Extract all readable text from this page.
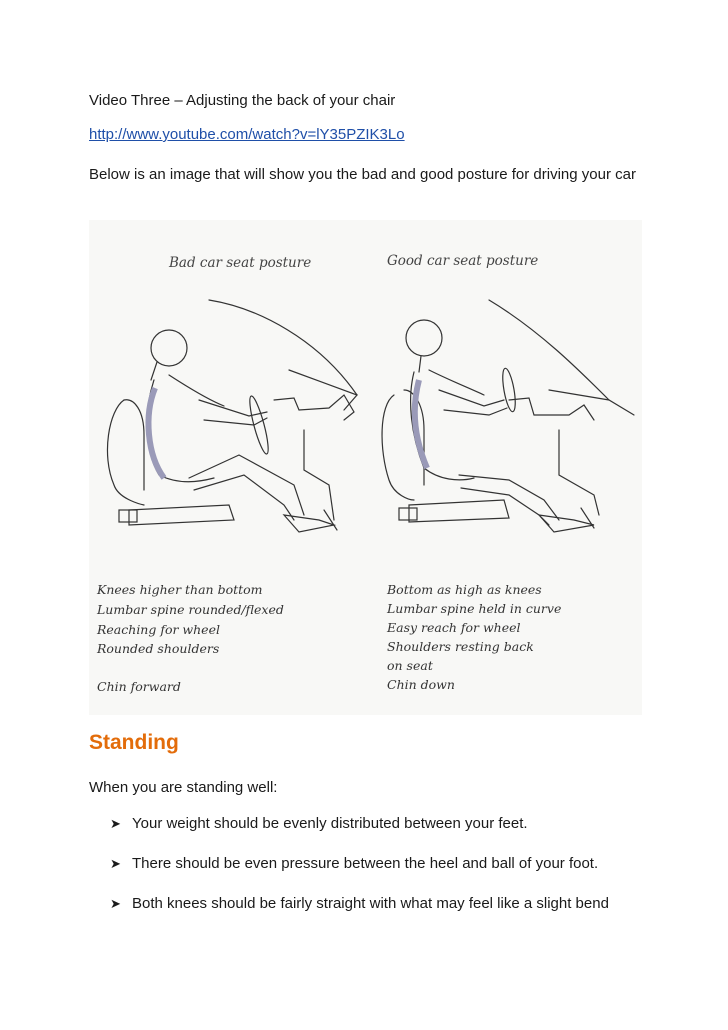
Video Three – Adjusting the back of your chair
http://www.youtube.com/watch?v=lY35PZIK3Lo
Below is an image that will show you the bad and good posture for driving your car
Bad car seat posture	Good car seat posture
Knees higher than bottom
Lumbar spine rounded/flexed
Reaching for wheel
Rounded shoulders
Chin forward
Bottom as high as knees
Lumbar spine held in curve
Easy reach for wheel
Shoulders resting back
on seat
Chin down
Standing
When you are standing well:
➤ Your weight should be evenly distributed between your feet.
➤ There should be even pressure between the heel and ball of your foot.
➤ Both knees should be fairly straight with what may feel like a slight bend
